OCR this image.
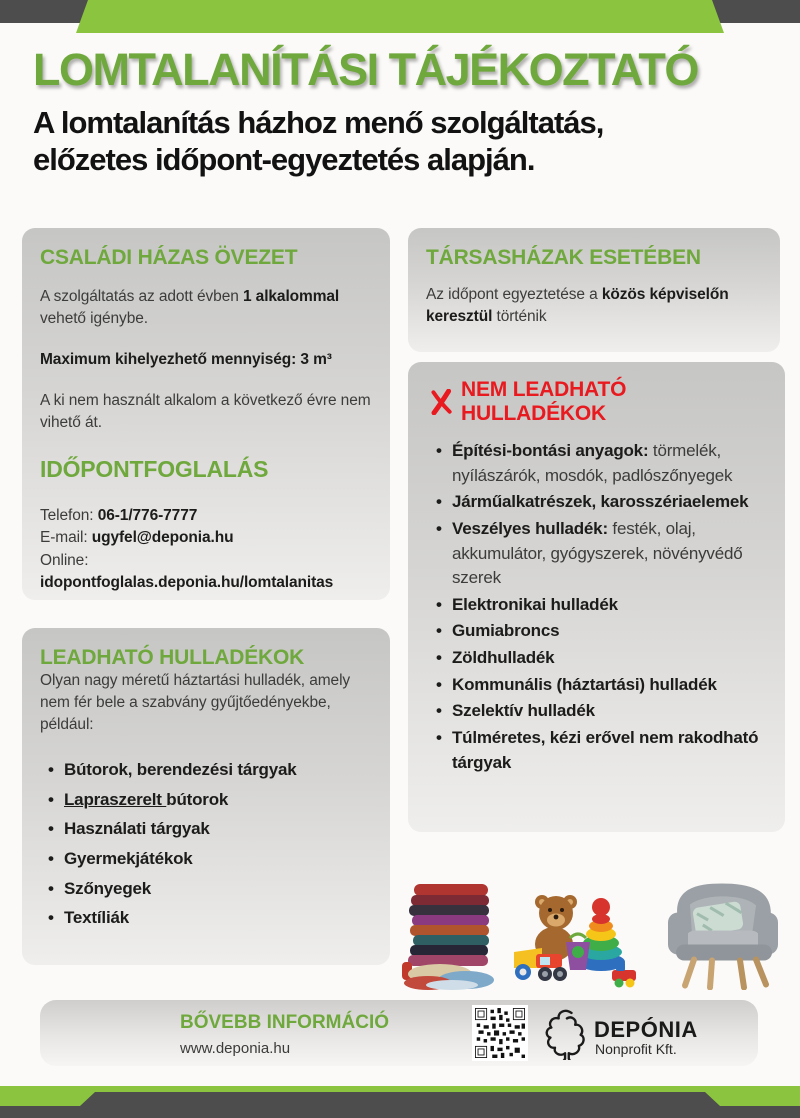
LOMTALANÍTÁSI TÁJÉKOZTATÓ
A lomtalanítás házhoz menő szolgáltatás,
előzetes időpont-egyeztetés alapján.
CSALÁDI HÁZAS ÖVEZET

A szolgáltatás az adott évben 1 alkalommal vehető igénybe.

Maximum kihelyezhető mennyiség: 3 m³

A ki nem használt alkalom a következő évre nem vihető át.

IDŐPONTFOGLALÁS
Telefon: 06-1/776-7777
E-mail: ugyfel@deponia.hu
Online:
idopontfoglalas.deponia.hu/lomtalanitas
TÁRSASHÁZAK ESETÉBEN

Az időpont egyeztetése a közös képviselőn keresztül történik

NEM LEADHATÓ HULLADÉKOK
• Építési-bontási anyagok: törmelék, nyílászárók, mosdók, padlószőnyegek
• Járműalkatrészek, karosszériaelemek
• Veszélyes hulladék: festék, olaj, akkumulátor, gyógyszerek, növényvédő szerek
• Elektronikai hulladék
• Gumiabroncs
• Zöldhulladék
• Kommunális (háztartási) hulladék
• Szelektív hulladék
• Túlméretes, kézi erővel nem rakodható tárgyak
LEADHATÓ HULLADÉKOK

Olyan nagy méretű háztartási hulladék, amely nem fér bele a szabvány gyűjtőedényekbe, például:

• Bútorok, berendezési tárgyak
• Lapraszerelt bútorok
• Használati tárgyak
• Gyermekjátékok
• Szőnyegek
• Textíliák
BŐVEBB INFORMÁCIÓ
www.deponia.hu
DEPÓNIA
Nonprofit Kft.
